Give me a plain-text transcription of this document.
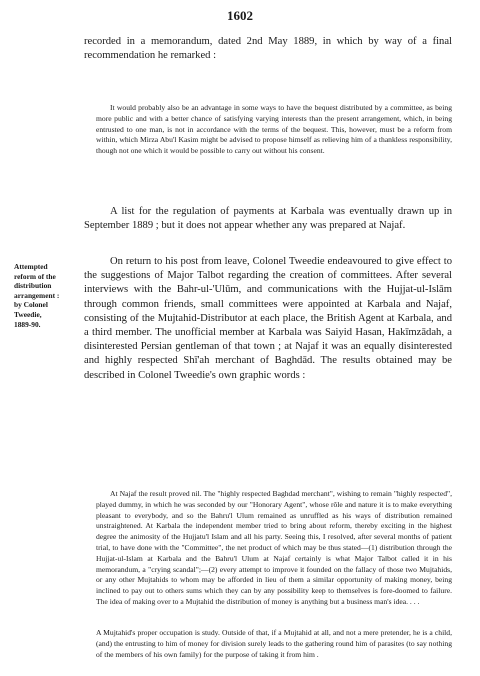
1602

recorded in a memorandum, dated 2nd May 1889, in which by way of a final recommendation he remarked :

It would probably also be an advantage in some ways to have the bequest distributed by a committee, as being more public and with a better chance of satisfying varying interests than the present arrangement, which, in being entrusted to one man, is not in accordance with the terms of the bequest. This, however, must be a reform from within, which Mirza Abu'l Kasim might be advised to propose himself as relieving him of a thankless responsibility, though not one which it would be possible to carry out without his consent.

A list for the regulation of payments at Karbala was eventually drawn up in September 1889 ; but it does not appear whether any was prepared at Najaf.

Attempted
reform of the
distribution
arrangement :
by Colonel
Tweedie,
1889-90.

On return to his post from leave, Colonel Tweedie endeavoured to give effect to the suggestions of Major Talbot regarding the creation of committees. After several interviews with the Bahr-ul-'Ulūm, and communications with the Hujjat-ul-Islām through common friends, small committees were appointed at Karbala and Najaf, consisting of the Mujtahid-Distributor at each place, the British Agent at Karbala, and a third member. The unofficial member at Karbala was Saiyid Hasan, Hakīmzādah, a disinterested Persian gentleman of that town ; at Najaf it was an equally disinterested and highly respected Shī'ah merchant of Baghdād. The results obtained may be described in Colonel Tweedie's own graphic words :

At Najaf the result proved nil. The "highly respected Baghdad merchant", wishing to remain "highly respected", played dummy, in which he was seconded by our "Honorary Agent", whose rôle and nature it is to make everything pleasant to everybody, and so the Bahru'l Ulum remained as unruffled as his ways of distribution remained unstraightened. At Karbala the independent member tried to bring about reform, thereby exciting in the highest degree the animosity of the Hujjatu'l Islam and all his party. Seeing this, I resolved, after several months of patient trial, to have done with the "Committee", the net product of which may be thus stated—(1) distribution through the Hujjat-ul-Islam at Karbala and the Bahru'l Ulum at Najaf certainly is what Major Talbot called it in his memorandum, a "crying scandal";—(2) every attempt to improve it founded on the fallacy of those two Mujtahids, or any other Mujtahids to whom may be afforded in lieu of them a similar opportunity of making money, being inclined to pay out to others sums which they can by any possibility keep to themselves is fore-doomed to failure. The idea of making over to a Mujtahid the distribution of money is anything but a business man's idea. . . .

A Mujtahid's proper occupation is study. Outside of that, if a Mujtahid at all, and not a mere pretender, he is a child, (and) the entrusting to him of money for division surely leads to the gathering round him of parasites (to say nothing of the members of his own family) for the purpose of taking it from him .
